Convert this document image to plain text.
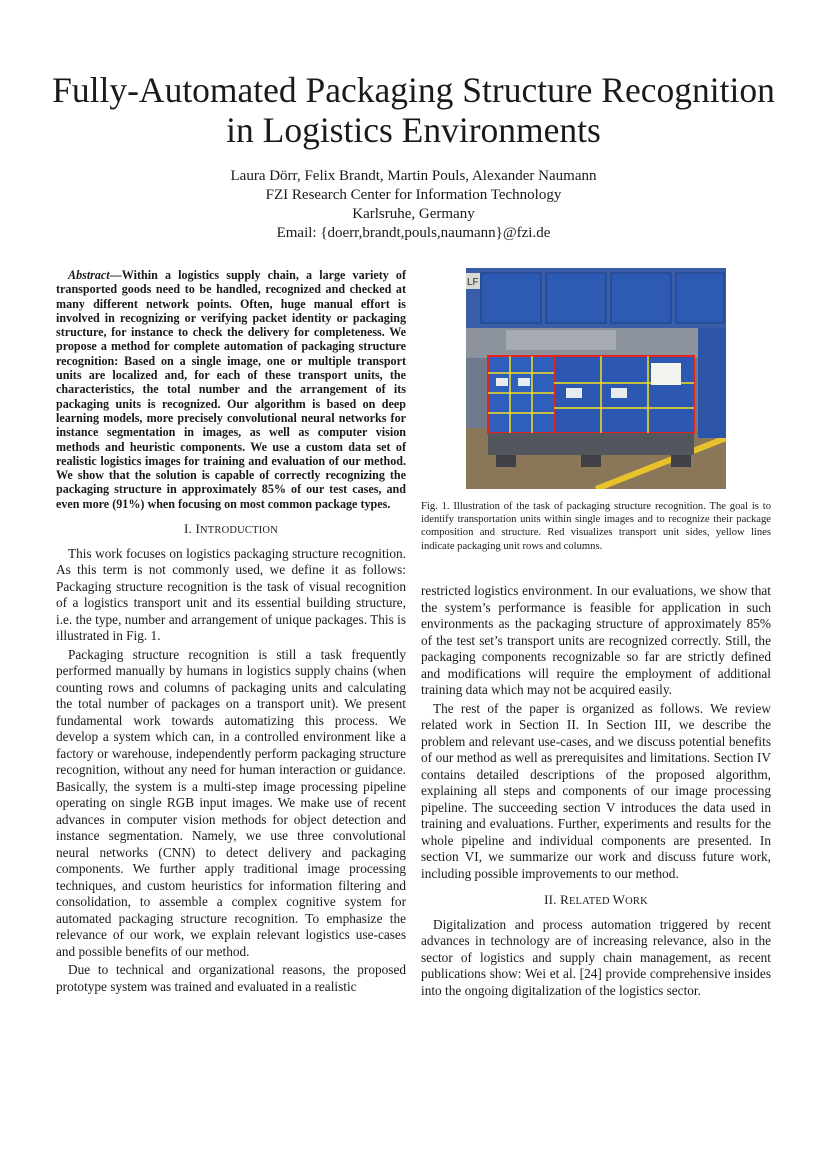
Fully-Automated Packaging Structure Recognition
in Logistics Environments
Laura Dörr, Felix Brandt, Martin Pouls, Alexander Naumann
FZI Research Center for Information Technology
Karlsruhe, Germany
Email: {doerr,brandt,pouls,naumann}@fzi.de

Abstract—Within a logistics supply chain, a large variety of transported goods need to be handled, recognized and checked at many different network points. Often, huge manual effort is involved in recognizing or verifying packet identity or packaging structure, for instance to check the delivery for completeness. We propose a method for complete automation of packaging structure recognition: Based on a single image, one or multiple transport units are localized and, for each of these transport units, the characteristics, the total number and the arrangement of its packaging units is recognized. Our algorithm is based on deep learning models, more precisely convolutional neural networks for instance segmentation in images, as well as computer vision methods and heuristic components. We use a custom data set of realistic logistics images for training and evaluation of our method. We show that the solution is capable of correctly recognizing the packaging structure in approximately 85% of our test cases, and even more (91%) when focusing on most common package types.

I. INTRODUCTION

This work focuses on logistics packaging structure recognition. As this term is not commonly used, we define it as follows: Packaging structure recognition is the task of visual recognition of a logistics transport unit and its essential building structure, i.e. the type, number and arrangement of unique packages. This is illustrated in Fig. 1.

Packaging structure recognition is still a task frequently performed manually by humans in logistics supply chains (when counting rows and columns of packaging units and calculating the total number of packages on a transport unit). We present fundamental work towards automatizing this process. We develop a system which can, in a controlled environment like a factory or warehouse, independently perform packaging structure recognition, without any need for human interaction or guidance. Basically, the system is a multi-step image processing pipeline operating on single RGB input images. We make use of recent advances in computer vision methods for object detection and instance segmentation. Namely, we use three convolutional neural networks (CNN) to detect delivery and packaging components. We further apply traditional image processing techniques, and custom heuristics for information filtering and consolidation, to assemble a complex cognitive system for automated packaging structure recognition. To emphasize the relevance of our work, we explain relevant logistics use-cases and possible benefits of our method.

Due to technical and organizational reasons, the proposed prototype system was trained and evaluated in a realistic

LF
Fig. 1. Illustration of the task of packaging structure recognition. The goal is to identify transportation units within single images and to recognize their package composition and structure. Red visualizes transport unit sides, yellow lines indicate packaging unit rows and columns.

restricted logistics environment. In our evaluations, we show that the system’s performance is feasible for application in such environments as the packaging structure of approximately 85% of the test set’s transport units are recognized correctly. Still, the packaging components recognizable so far are strictly defined and modifications will require the employment of additional training data which may not be acquired easily.

The rest of the paper is organized as follows. We review related work in Section II. In Section III, we describe the problem and relevant use-cases, and we discuss potential benefits of our method as well as prerequisites and limitations. Section IV contains detailed descriptions of the proposed algorithm, explaining all steps and components of our image processing pipeline. The succeeding section V introduces the data used in training and evaluations. Further, experiments and results for the whole pipeline and individual components are presented. In section VI, we summarize our work and discuss future work, including possible improvements to our method.

II. RELATED WORK

Digitalization and process automation triggered by recent advances in technology are of increasing relevance, also in the sector of logistics and supply chain management, as recent publications show: Wei et al. [24] provide comprehensive insides into the ongoing digitalization of the logistics sector.
